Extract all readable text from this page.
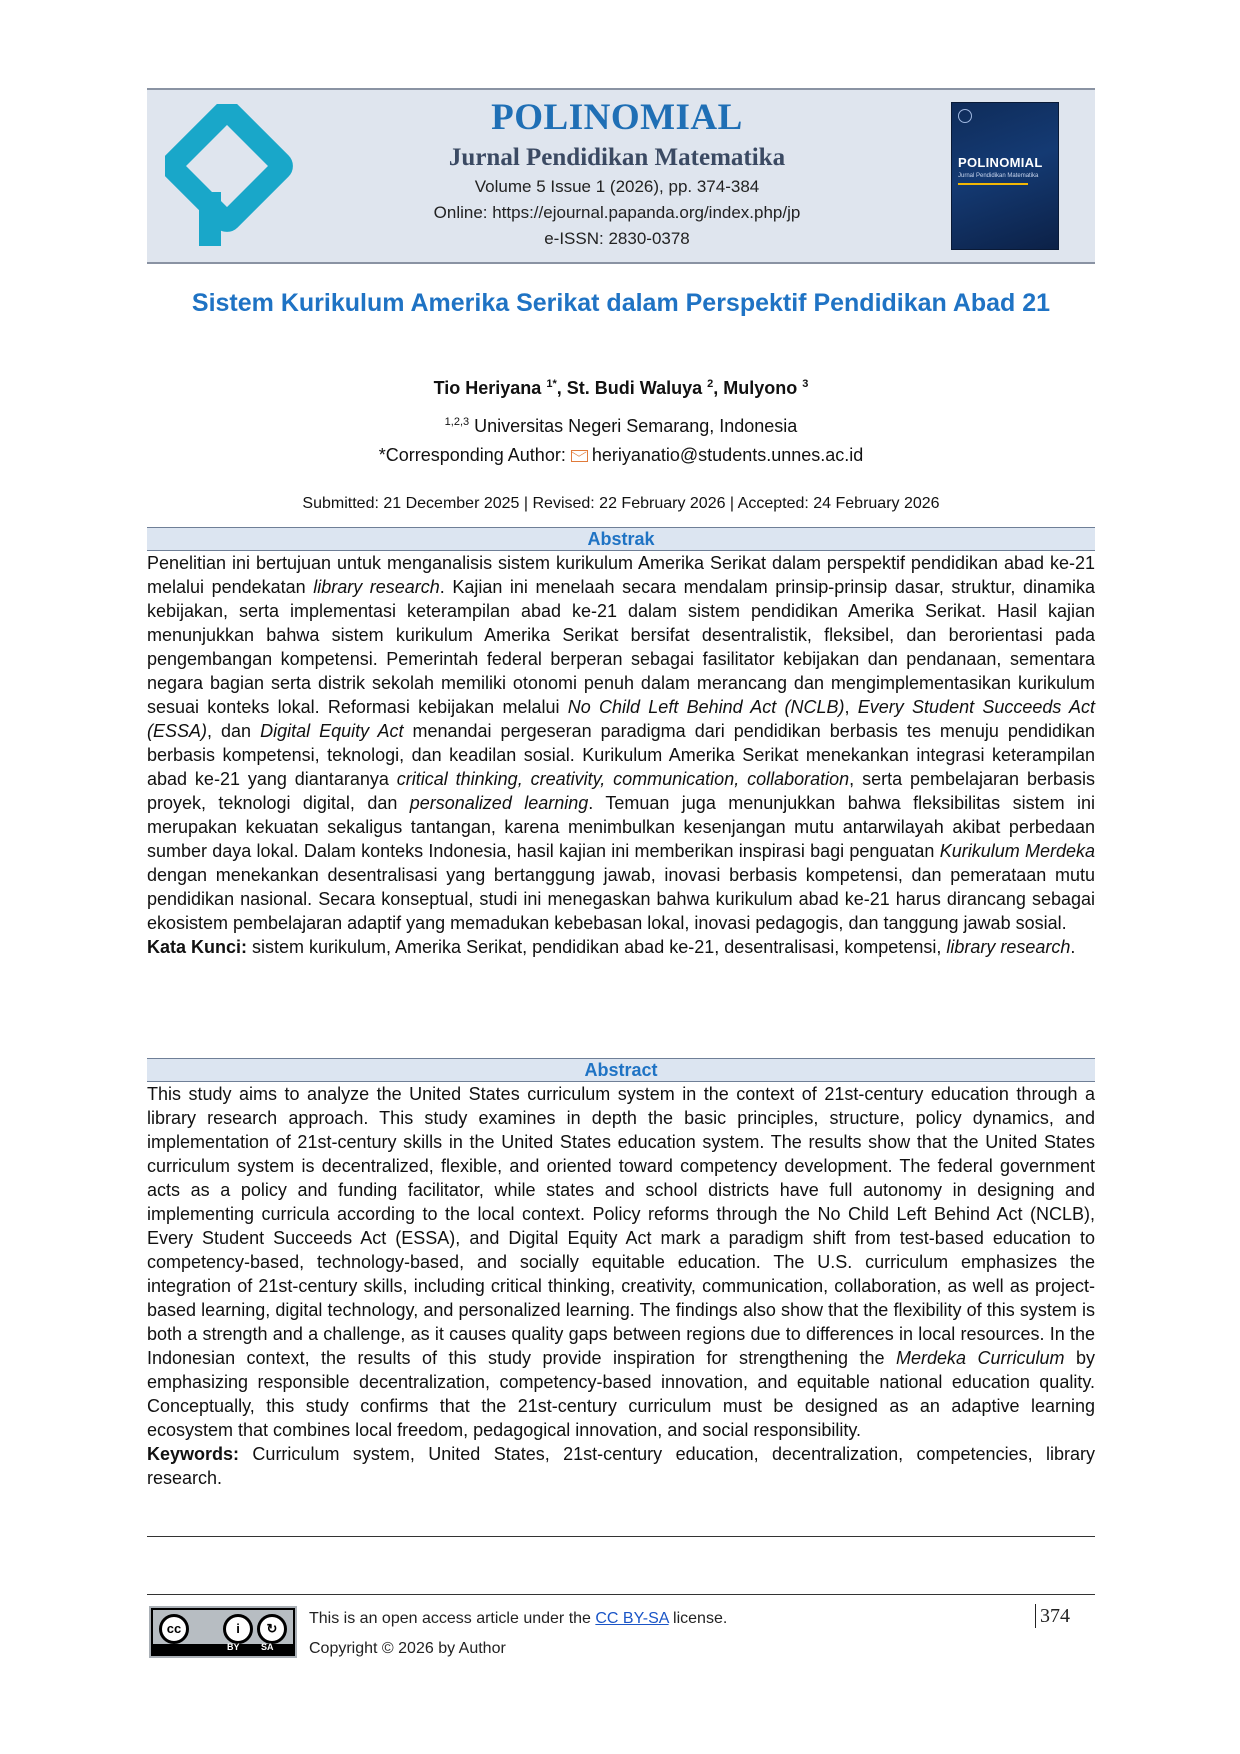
POLINOMIAL
Jurnal Pendidikan Matematika
Volume 5 Issue 1 (2026), pp. 374-384
Online: https://ejournal.papanda.org/index.php/jp
e-ISSN: 2830-0378
POLINOMIAL
Jurnal Pendidikan Matematika
Sistem Kurikulum Amerika Serikat dalam Perspektif Pendidikan Abad 21
Tio Heriyana $^{1*}$, St. Budi Waluya $^2$, Mulyono $^3$
$^{1,2,3}$ Universitas Negeri Semarang, Indonesia
*Corresponding Author: heriyanatio@students.unnes.ac.id
Submitted: 21 December 2025 | Revised: 22 February 2026 | Accepted: 24 February 2026
Abstrak

Penelitian ini bertujuan untuk menganalisis sistem kurikulum Amerika Serikat dalam perspektif pendidikan abad ke-21 melalui pendekatan library research. Kajian ini menelaah secara mendalam prinsip-prinsip dasar, struktur, dinamika kebijakan, serta implementasi keterampilan abad ke-21 dalam sistem pendidikan Amerika Serikat. Hasil kajian menunjukkan bahwa sistem kurikulum Amerika Serikat bersifat desentralistik, fleksibel, dan berorientasi pada pengembangan kompetensi. Pemerintah federal berperan sebagai fasilitator kebijakan dan pendanaan, sementara negara bagian serta distrik sekolah memiliki otonomi penuh dalam merancang dan mengimplementasikan kurikulum sesuai konteks lokal. Reformasi kebijakan melalui No Child Left Behind Act (NCLB), Every Student Succeeds Act (ESSA), dan Digital Equity Act menandai pergeseran paradigma dari pendidikan berbasis tes menuju pendidikan berbasis kompetensi, teknologi, dan keadilan sosial. Kurikulum Amerika Serikat menekankan integrasi keterampilan abad ke-21 yang diantaranya critical thinking, creativity, communication, collaboration, serta pembelajaran berbasis proyek, teknologi digital, dan personalized learning. Temuan juga menunjukkan bahwa fleksibilitas sistem ini merupakan kekuatan sekaligus tantangan, karena menimbulkan kesenjangan mutu antarwilayah akibat perbedaan sumber daya lokal. Dalam konteks Indonesia, hasil kajian ini memberikan inspirasi bagi penguatan Kurikulum Merdeka dengan menekankan desentralisasi yang bertanggung jawab, inovasi berbasis kompetensi, dan pemerataan mutu pendidikan nasional. Secara konseptual, studi ini menegaskan bahwa kurikulum abad ke-21 harus dirancang sebagai ekosistem pembelajaran adaptif yang memadukan kebebasan lokal, inovasi pedagogis, dan tanggung jawab sosial.

Kata Kunci: sistem kurikulum, Amerika Serikat, pendidikan abad ke-21, desentralisasi, kompetensi, library research.

Abstract

This study aims to analyze the United States curriculum system in the context of 21st-century education through a library research approach. This study examines in depth the basic principles, structure, policy dynamics, and implementation of 21st-century skills in the United States education system. The results show that the United States curriculum system is decentralized, flexible, and oriented toward competency development. The federal government acts as a policy and funding facilitator, while states and school districts have full autonomy in designing and implementing curricula according to the local context. Policy reforms through the No Child Left Behind Act (NCLB), Every Student Succeeds Act (ESSA), and Digital Equity Act mark a paradigm shift from test-based education to competency-based, technology-based, and socially equitable education. The U.S. curriculum emphasizes the integration of 21st-century skills, including critical thinking, creativity, communication, collaboration, as well as project-based learning, digital technology, and personalized learning. The findings also show that the flexibility of this system is both a strength and a challenge, as it causes quality gaps between regions due to differences in local resources. In the Indonesian context, the results of this study provide inspiration for strengthening the Merdeka Curriculum by emphasizing responsible decentralization, competency-based innovation, and equitable national education quality. Conceptually, this study confirms that the 21st-century curriculum must be designed as an adaptive learning ecosystem that combines local freedom, pedagogical innovation, and social responsibility.

Keywords: Curriculum system, United States, 21st-century education, decentralization, competencies, library research.

cc	i	↻
BY SA
This is an open access article under the CC BY-SA license.
Copyright © 2026 by Author
374
